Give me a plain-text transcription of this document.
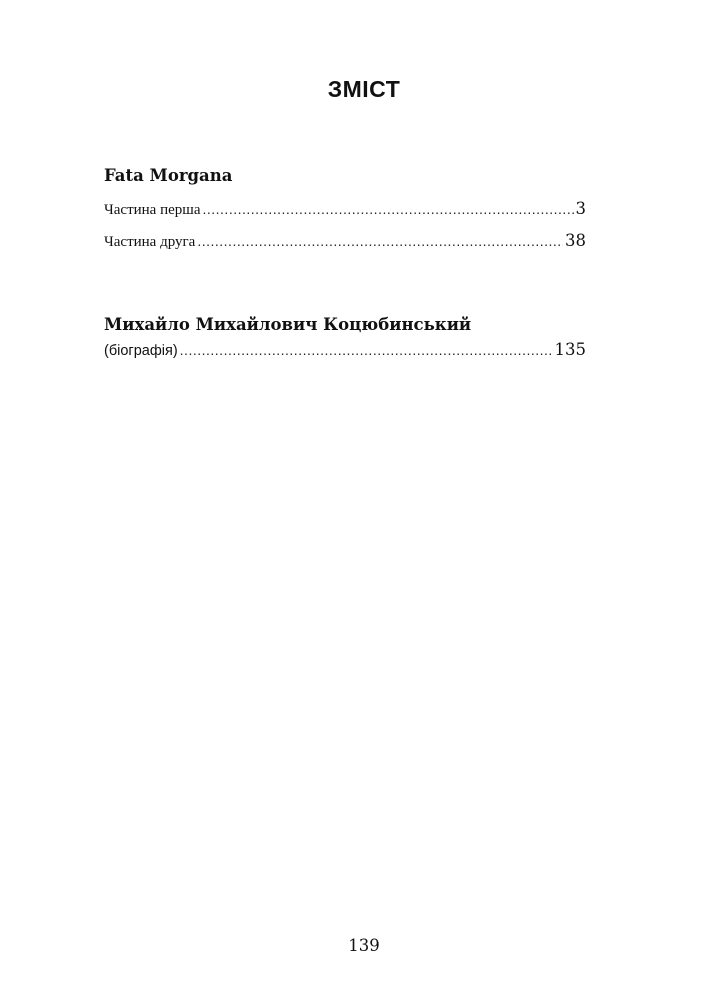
ЗМІСТ
Fata Morgana
Частина перша .....	3
Частина друга .....	38
Михайло Михайлович Коцюбинський
(біографія) .....	135
139
